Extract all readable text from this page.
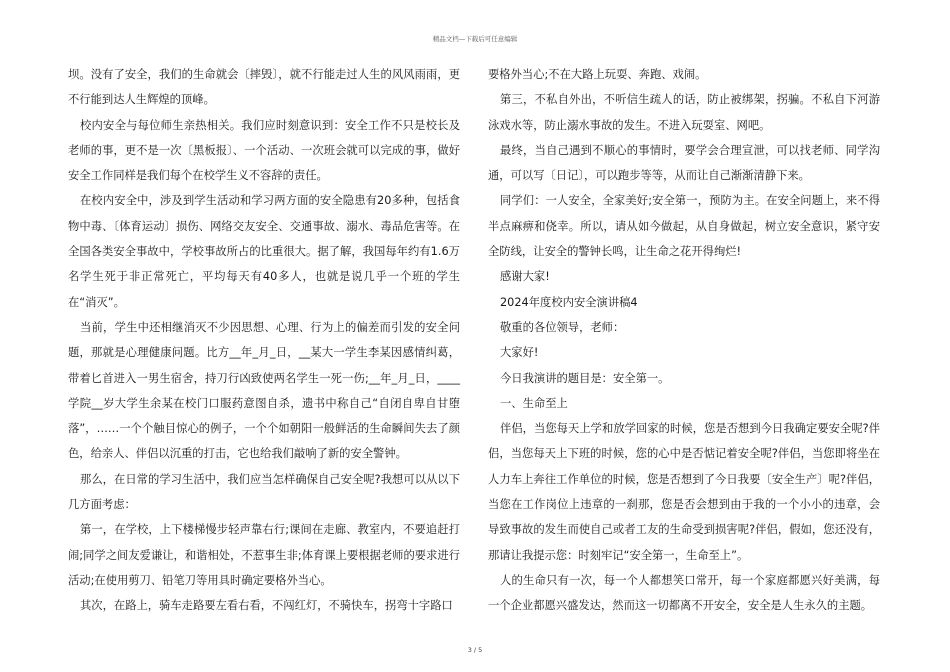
精品文档—下载后可任意编辑

坝。没有了安全，我们的生命就会〔摔毁〕，就不行能走过人生的风风雨雨，更不行能到达人生辉煌的顶峰。

校内安全与每位师生亲热相关。我们应时刻意识到：安全工作不只是校长及老师的事，更不是一次〔黑板报〕、一个活动、一次班会就可以完成的事，做好安全工作同样是我们每个在校学生义不容辞的责任。

在校内安全中，涉及到学生活动和学习两方面的安全隐患有20多种，包括食物中毒、〔体育运动〕损伤、网络交友安全、交通事故、溺水、毒品危害等。在全国各类安全事故中，学校事故所占的比重很大。据了解，我国每年约有1.6万名学生死于非正常死亡，平均每天有40多人，也就是说几乎一个班的学生在“消灭”。

当前，学生中还相继消灭不少因思想、心理、行为上的偏差而引发的安全问题，那就是心理健康问题。比方__年_月_日，__某大一学生李某因感情纠葛，带着匕首进入一男生宿舍，持刀行凶致使两名学生一死一伤;__年_月_日，____学院__岁大学生余某在校门口服药意图自杀，遗书中称自己“自闭自卑自甘堕落”，……一个个触目惊心的例子，一个个如朝阳一般鲜活的生命瞬间失去了颜色，给亲人、伴侣以沉重的打击，它也给我们敲响了新的安全警钟。

那么，在日常的学习生活中，我们应当怎样确保自己安全呢?我想可以从以下几方面考虑：

第一，在学校，上下楼梯慢步轻声靠右行;课间在走廊、教室内，不要追赶打闹;同学之间友爱谦让，和谐相处，不惹事生非;体育课上要根据老师的要求进行活动;在使用剪刀、铅笔刀等用具时确定要格外当心。

其次，在路上，骑车走路要左看右看，不闯红灯，不骑快车，拐弯十字路口

要格外当心;不在大路上玩耍、奔跑、戏闹。

第三，不私自外出，不听信生疏人的话，防止被绑架，拐骗。不私自下河游泳戏水等，防止溺水事故的发生。不进入玩耍室、网吧。

最终，当自己遇到不顺心的事情时，要学会合理宣泄，可以找老师、同学沟通，可以写〔日记〕，可以跑步等等，从而让自己渐渐清静下来。

同学们：一人安全，全家美好;安全第一，预防为主。在安全问题上，来不得半点麻痹和侥幸。所以，请从如今做起，从自身做起，树立安全意识，紧守安全防线，让安全的警钟长鸣，让生命之花开得绚烂!

感谢大家!

2024年度校内安全演讲稿4

敬重的各位领导，老师：

大家好!

今日我演讲的题目是：安全第一。

一、生命至上

伴侣，当您每天上学和放学回家的时候，您是否想到今日我确定要安全呢?伴侣，当您每天上下班的时候，您的心中是否惦记着安全呢?伴侣，当您即将坐在人力车上奔往工作单位的时候，您是否想到了今日我要〔安全生产〕呢?伴侣，当您在工作岗位上违章的一刹那，您是否会想到由于我的一个小小的违章，会导致事故的发生而使自己或者工友的生命受到损害呢?伴侣，假如，您还没有，那请让我提示您：时刻牢记“安全第一，生命至上”。

人的生命只有一次，每一个人都想笑口常开，每一个家庭都愿兴好美满，每一个企业都愿兴盛发达，然而这一切都离不开安全，安全是人生永久的主题。

3 / 5
